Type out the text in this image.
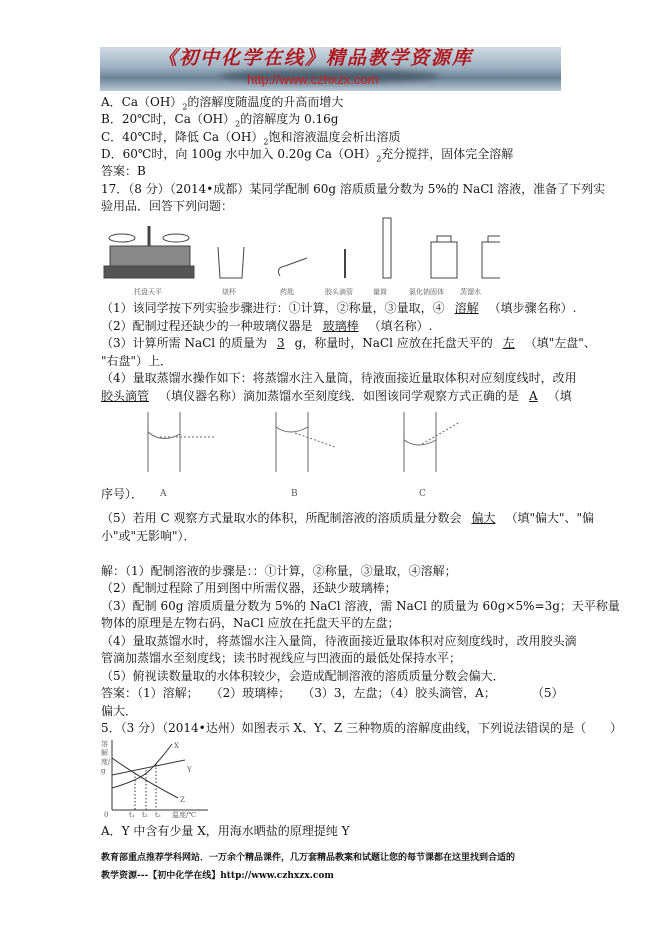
《初中化学在线》精品教学资源库
http://www.czhxzx.com
A．$Ca(OH)_2$的溶解度随温度的升高而增大
B．20℃时，$Ca(OH)_2$的溶解度为 0.16g
C．40℃时，降低 $Ca(OH)_2$饱和溶液温度会析出溶质
D．60℃时，向 100g 水中加入 0.20g $Ca(OH)_2$充分搅拌，固体完全溶解
答案：B
17．（8 分）（2014•成都）某同学配制 60g 溶质质量分数为 5%的 NaCl 溶液，准备了下列实
验用品．回答下列问题：
托盘天平	烧杯	药匙	胶头滴管	量筒	氯化钠固体 蒸馏水
（1）该同学按下列实验步骤进行：①计算，②称量，③量取，④ 溶解 （填步骤名称）.
（2）配制过程还缺少的一种玻璃仪器是 玻璃棒 （填名称）.
（3）计算所需 NaCl 的质量为 3 g，称量时，NaCl 应放在托盘天平的 左 （填"左盘"、
"右盘"）上．
（4）量取蒸馏水操作如下：将蒸馏水注入量筒，待液面接近量取体积对应刻度线时，改用
胶头滴管 （填仪器名称）滴加蒸馏水至刻度线．如图该同学观察方式正确的是 A （填
序号）． A	B	C
（5）若用 C 观察方式量取水的体积，所配制溶液的溶质质量分数会 偏大 （填"偏大"、"偏
小"或"无影响"）．
解：（1）配制溶液的步骤是：：①计算，②称量，③量取，④溶解；
（2）配制过程除了用到图中所需仪器，还缺少玻璃棒；
（3）配制 60g 溶质质量分数为 5%的 NaCl 溶液，需 NaCl 的质量为 60g×5%=3g；天平称量
物体的原理是左物右码，NaCl 应放在托盘天平的左盘；
（4）量取蒸馏水时，将蒸馏水注入量筒，待液面接近量取体积对应刻度线时，改用胶头滴
管滴加蒸馏水至刻度线；读书时视线应与凹液面的最低处保持水平；
（5）俯视读数量取的水体积较少，会造成配制溶液的溶质质量分数会偏大．
答案：（1）溶解；　　（2）玻璃棒；　　（3）3，左盘；（4）胶头滴管，A；　　　　（5）
偏大．
5．（3 分）（2014•达州）如图表示 X、Y、Z 三种物质的溶解度曲线，下列说法错误的是（　　）
溶解度/g
0	t₁ t₂ t₃ 温度/℃
X
Y
Z
A．Y 中含有少量 X，用海水晒盐的原理提纯 Y
教育部重点推荐学科网站．一万余个精品课件，几万套精品教案和试题让您的每节课都在这里找到合适的
教学资源---【初中化学在线】http://www.czhxzx.com
